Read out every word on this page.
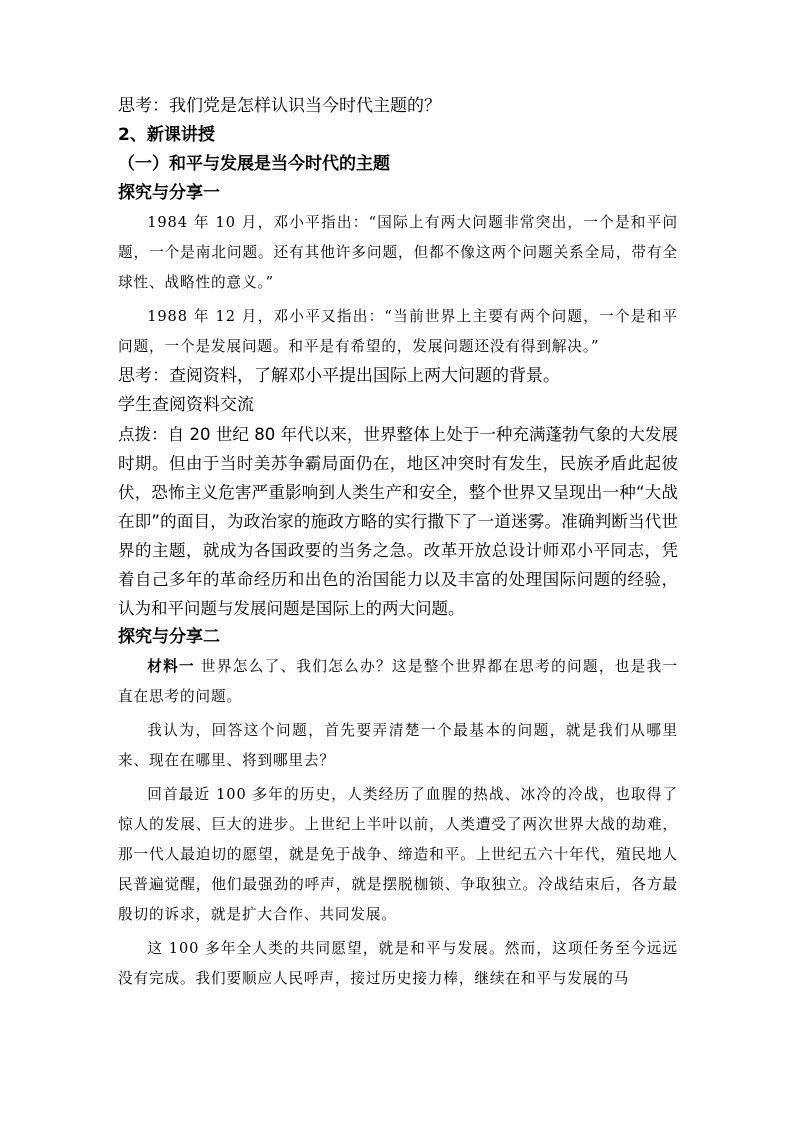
思考：我们党是怎样认识当今时代主题的？

2、新课讲授

（一）和平与发展是当今时代的主题

探究与分享一

1984 年 10 月，邓小平指出：“国际上有两大问题非常突出，一个是和平问题，一个是南北问题。还有其他许多问题，但都不像这两个问题关系全局，带有全球性、战略性的意义。”

1988 年 12 月，邓小平又指出：“当前世界上主要有两个问题，一个是和平问题，一个是发展问题。和平是有希望的，发展问题还没有得到解决。”

思考：查阅资料，了解邓小平提出国际上两大问题的背景。

学生查阅资料交流

点拨：自 20 世纪 80 年代以来，世界整体上处于一种充满蓬勃气象的大发展时期。但由于当时美苏争霸局面仍在，地区冲突时有发生，民族矛盾此起彼伏，恐怖主义危害严重影响到人类生产和安全，整个世界又呈现出一种“大战在即”的面目，为政治家的施政方略的实行撒下了一道迷雾。准确判断当代世界的主题，就成为各国政要的当务之急。改革开放总设计师邓小平同志，凭着自己多年的革命经历和出色的治国能力以及丰富的处理国际问题的经验，认为和平问题与发展问题是国际上的两大问题。

探究与分享二

材料一 世界怎么了、我们怎么办？这是整个世界都在思考的问题，也是我一直在思考的问题。

我认为，回答这个问题，首先要弄清楚一个最基本的问题，就是我们从哪里来、现在在哪里、将到哪里去？

回首最近 100 多年的历史，人类经历了血腥的热战、冰冷的冷战，也取得了惊人的发展、巨大的进步。上世纪上半叶以前，人类遭受了两次世界大战的劫难，那一代人最迫切的愿望，就是免于战争、缔造和平。上世纪五六十年代，殖民地人民普遍觉醒，他们最强劲的呼声，就是摆脱枷锁、争取独立。冷战结束后，各方最殷切的诉求，就是扩大合作、共同发展。

这 100 多年全人类的共同愿望，就是和平与发展。然而，这项任务至今远远没有完成。我们要顺应人民呼声，接过历史接力棒，继续在和平与发展的马
